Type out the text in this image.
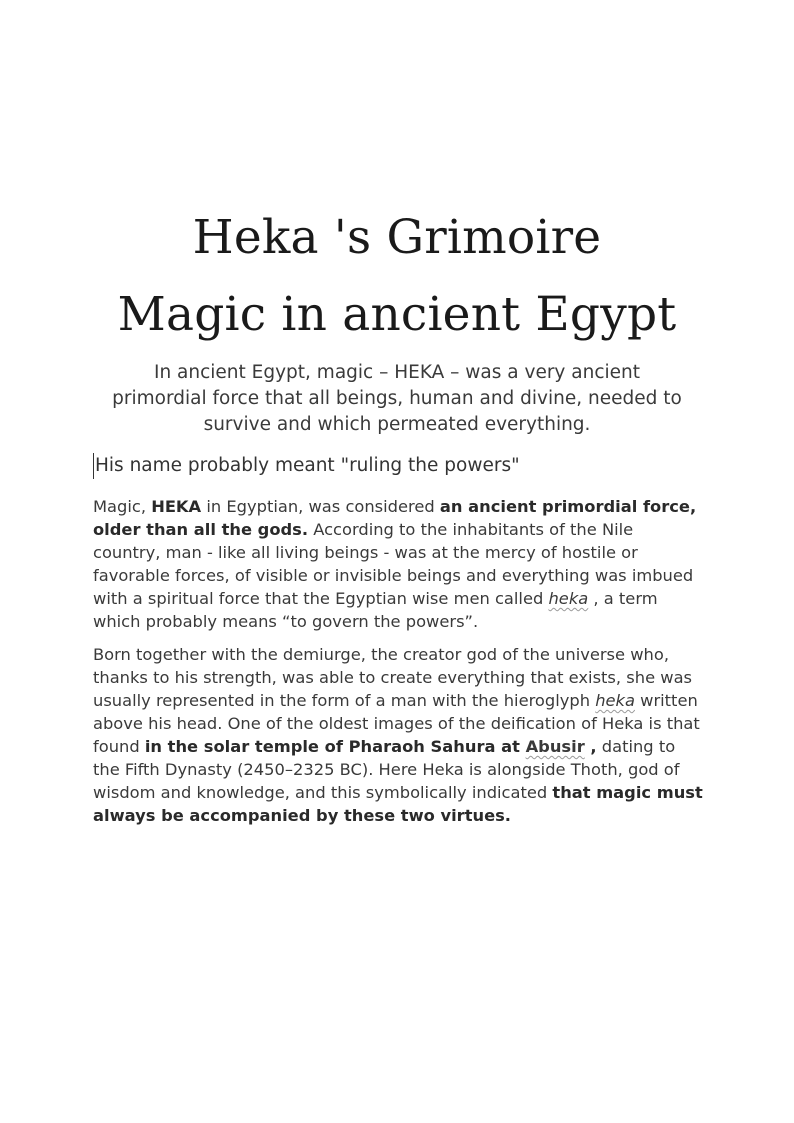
Heka 's Grimoire
Magic in ancient Egypt

In ancient Egypt, magic – HEKA – was a very ancient primordial force that all beings, human and divine, needed to survive and which permeated everything.

His name probably meant "ruling the powers"

Magic, HEKA in Egyptian, was considered an ancient primordial force, older than all the gods. According to the inhabitants of the Nile country, man - like all living beings - was at the mercy of hostile or favorable forces, of visible or invisible beings and everything was imbued with a spiritual force that the Egyptian wise men called heka , a term which probably means “to govern the powers”.

Born together with the demiurge, the creator god of the universe who, thanks to his strength, was able to create everything that exists, she was usually represented in the form of a man with the hieroglyph heka written above his head. One of the oldest images of the deification of Heka is that found in the solar temple of Pharaoh Sahura at Abusir , dating to the Fifth Dynasty (2450–2325 BC). Here Heka is alongside Thoth, god of wisdom and knowledge, and this symbolically indicated that magic must always be accompanied by these two virtues.
